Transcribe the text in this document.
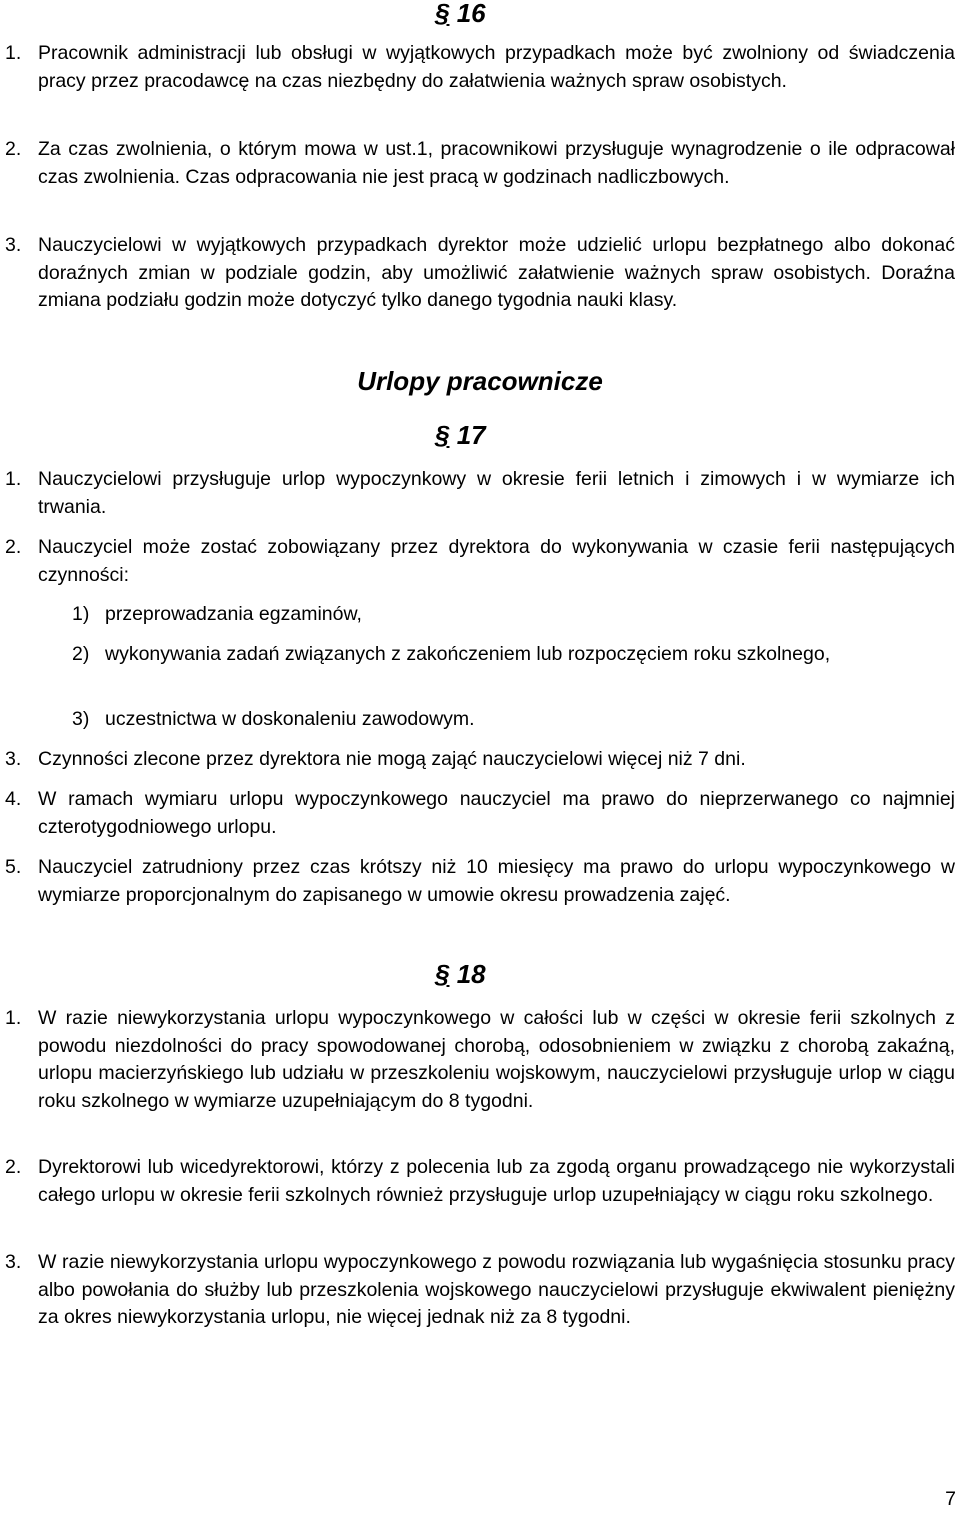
§ 16
1. Pracownik administracji lub obsługi w wyjątkowych przypadkach może być zwolniony od świadczenia pracy przez pracodawcę na czas niezbędny do załatwienia ważnych spraw osobistych.
2. Za czas zwolnienia, o którym mowa w ust.1, pracownikowi przysługuje wynagrodzenie o ile odpracował czas zwolnienia. Czas odpracowania nie jest pracą w godzinach nadliczbowych.
3. Nauczycielowi w wyjątkowych przypadkach dyrektor może udzielić urlopu bezpłatnego albo dokonać doraźnych zmian w podziale godzin, aby umożliwić załatwienie ważnych spraw osobistych. Doraźna zmiana podziału godzin może dotyczyć tylko danego tygodnia nauki klasy.
Urlopy pracownicze
§ 17
1. Nauczycielowi przysługuje urlop wypoczynkowy w okresie ferii letnich i zimowych i w wymiarze ich trwania.
2. Nauczyciel może zostać zobowiązany przez dyrektora do wykonywania w czasie ferii następujących czynności:
1) przeprowadzania egzaminów,
2) wykonywania zadań związanych z zakończeniem lub rozpoczęciem roku szkolnego,
3) uczestnictwa w doskonaleniu zawodowym.
3. Czynności zlecone przez dyrektora nie mogą zająć nauczycielowi więcej niż 7 dni.
4. W ramach wymiaru urlopu wypoczynkowego nauczyciel ma prawo do nieprzerwanego co najmniej czterotygodniowego urlopu.
5. Nauczyciel zatrudniony przez czas krótszy niż 10 miesięcy ma prawo do urlopu wypoczynkowego w wymiarze proporcjonalnym do zapisanego w umowie okresu prowadzenia zajęć.
§ 18
1. W razie niewykorzystania urlopu wypoczynkowego w całości lub w części w okresie ferii szkolnych z powodu niezdolności do pracy spowodowanej chorobą, odosobnieniem w związku z chorobą zakaźną, urlopu macierzyńskiego lub udziału w przeszkoleniu wojskowym, nauczycielowi przysługuje urlop w ciągu roku szkolnego w wymiarze uzupełniającym do 8 tygodni.
2. Dyrektorowi lub wicedyrektorowi, którzy z polecenia lub za zgodą organu prowadzącego nie wykorzystali całego urlopu w okresie ferii szkolnych również przysługuje urlop uzupełniający w ciągu roku szkolnego.
3. W razie niewykorzystania urlopu wypoczynkowego z powodu rozwiązania lub wygaśnięcia stosunku pracy albo powołania do służby lub przeszkolenia wojskowego nauczycielowi przysługuje ekwiwalent pieniężny za okres niewykorzystania urlopu, nie więcej jednak niż za 8 tygodni.
7
